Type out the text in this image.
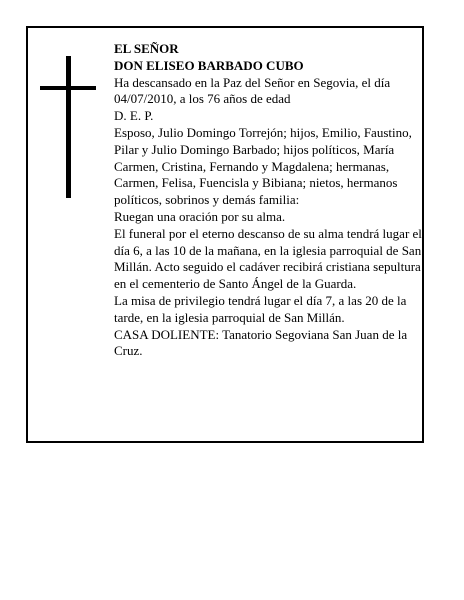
EL SEÑOR

DON ELISEO BARBADO CUBO

Ha descansado en la Paz del Señor en Segovia, el día 04/07/2010, a los 76 años de edad

D. E. P.

Esposo, Julio Domingo Torrejón; hijos, Emilio, Faustino, Pilar y Julio Domingo Barbado; hijos políticos, María Carmen, Cristina, Fernando y Magdalena; hermanas, Carmen, Felisa, Fuencisla y Bibiana; nietos, hermanos políticos, sobrinos y demás familia:

Ruegan una oración por su alma.

El funeral por el eterno descanso de su alma tendrá lugar el día 6, a las 10 de la mañana, en la iglesia parroquial de San Millán. Acto seguido el cadáver recibirá cristiana sepultura en el cementerio de Santo Ángel de la Guarda.

La misa de privilegio tendrá lugar el día 7, a las 20 de la tarde, en la iglesia parroquial de San Millán.

CASA DOLIENTE: Tanatorio Segoviana San Juan de la Cruz.
